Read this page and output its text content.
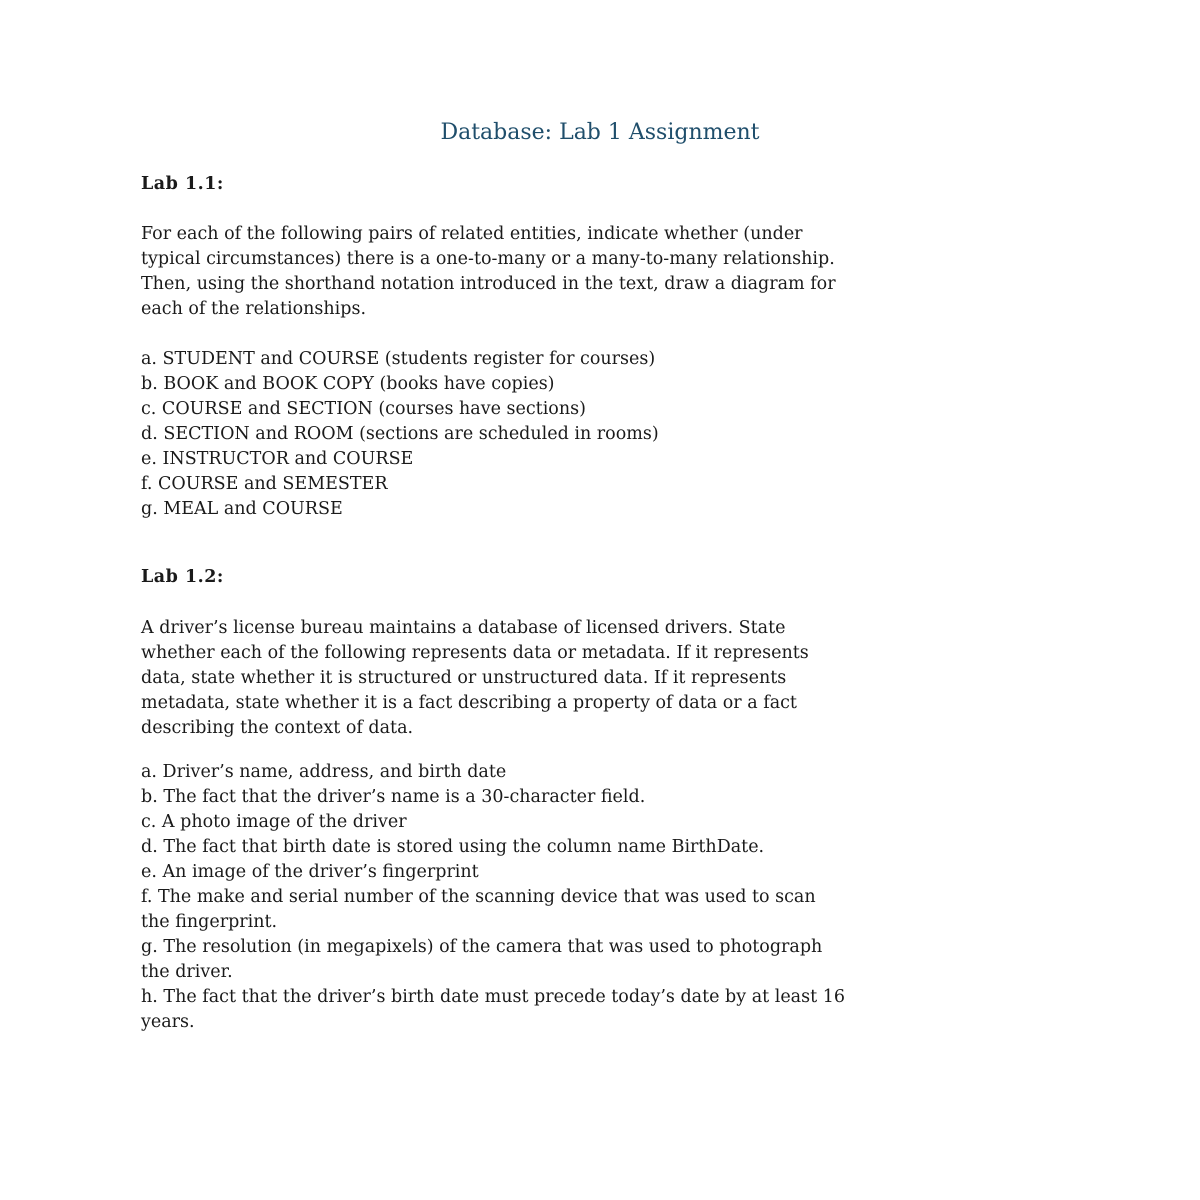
Database: Lab 1 Assignment
Lab 1.1:

For each of the following pairs of related entities, indicate whether (under
typical circumstances) there is a one-to-many or a many-to-many relationship.
Then, using the shorthand notation introduced in the text, draw a diagram for
each of the relationships.

a. STUDENT and COURSE (students register for courses)
b. BOOK and BOOK COPY (books have copies)
c. COURSE and SECTION (courses have sections)
d. SECTION and ROOM (sections are scheduled in rooms)
e. INSTRUCTOR and COURSE
f. COURSE and SEMESTER
g. MEAL and COURSE
Lab 1.2:

A driver’s license bureau maintains a database of licensed drivers. State
whether each of the following represents data or metadata. If it represents
data, state whether it is structured or unstructured data. If it represents
metadata, state whether it is a fact describing a property of data or a fact
describing the context of data.

a. Driver’s name, address, and birth date
b. The fact that the driver’s name is a 30-character field.
c. A photo image of the driver
d. The fact that birth date is stored using the column name BirthDate.
e. An image of the driver’s fingerprint
f. The make and serial number of the scanning device that was used to scan
the fingerprint.
g. The resolution (in megapixels) of the camera that was used to photograph
the driver.
h. The fact that the driver’s birth date must precede today’s date by at least 16
years.
